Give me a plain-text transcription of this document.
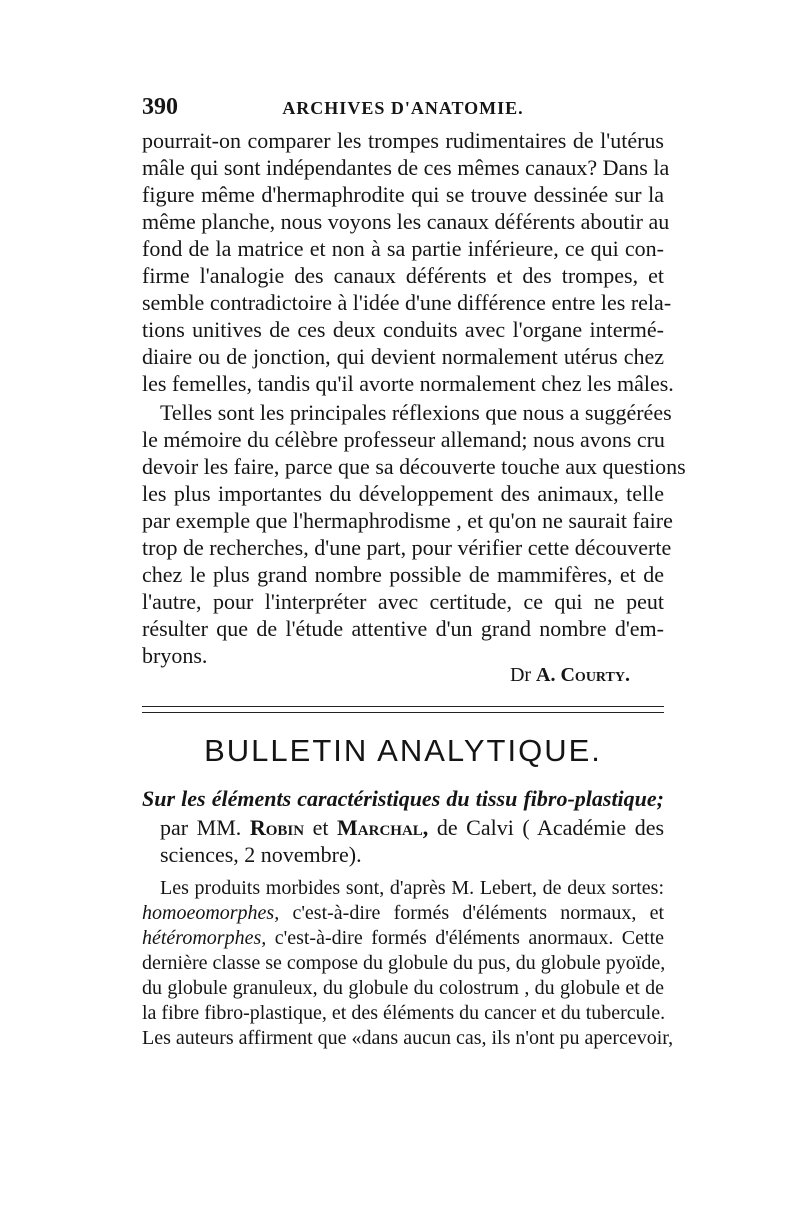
390	ARCHIVES D'ANATOMIE.
pourrait-on comparer les trompes rudimentaires de l'utérus
mâle qui sont indépendantes de ces mêmes canaux? Dans la
figure même d'hermaphrodite qui se trouve dessinée sur la
même planche, nous voyons les canaux déférents aboutir au
fond de la matrice et non à sa partie inférieure, ce qui con-
firme l'analogie des canaux déférents et des trompes, et
semble contradictoire à l'idée d'une différence entre les rela-
tions unitives de ces deux conduits avec l'organe intermé-
diaire ou de jonction, qui devient normalement utérus chez
les femelles, tandis qu'il avorte normalement chez les mâles.
Telles sont les principales réflexions que nous a suggérées
le mémoire du célèbre professeur allemand; nous avons cru
devoir les faire, parce que sa découverte touche aux questions
les plus importantes du développement des animaux, telle
par exemple que l'hermaphrodisme , et qu'on ne saurait faire
trop de recherches, d'une part, pour vérifier cette découverte
chez le plus grand nombre possible de mammifères, et de
l'autre, pour l'interpréter avec certitude, ce qui ne peut
résulter que de l'étude attentive d'un grand nombre d'em-
bryons.
Dr A. Courty.
BULLETIN ANALYTIQUE.
Sur les éléments caractéristiques du tissu fibro-plastique;
par MM. Robin et Marchal, de Calvi ( Académie des
sciences, 2 novembre).
Les produits morbides sont, d'après M. Lebert, de deux sortes:
homoeomorphes, c'est-à-dire formés d'éléments normaux, et
hétéromorphes, c'est-à-dire formés d'éléments anormaux. Cette
dernière classe se compose du globule du pus, du globule pyoïde,
du globule granuleux, du globule du colostrum , du globule et de
la fibre fibro-plastique, et des éléments du cancer et du tubercule.
Les auteurs affirment que «dans aucun cas, ils n'ont pu apercevoir,
